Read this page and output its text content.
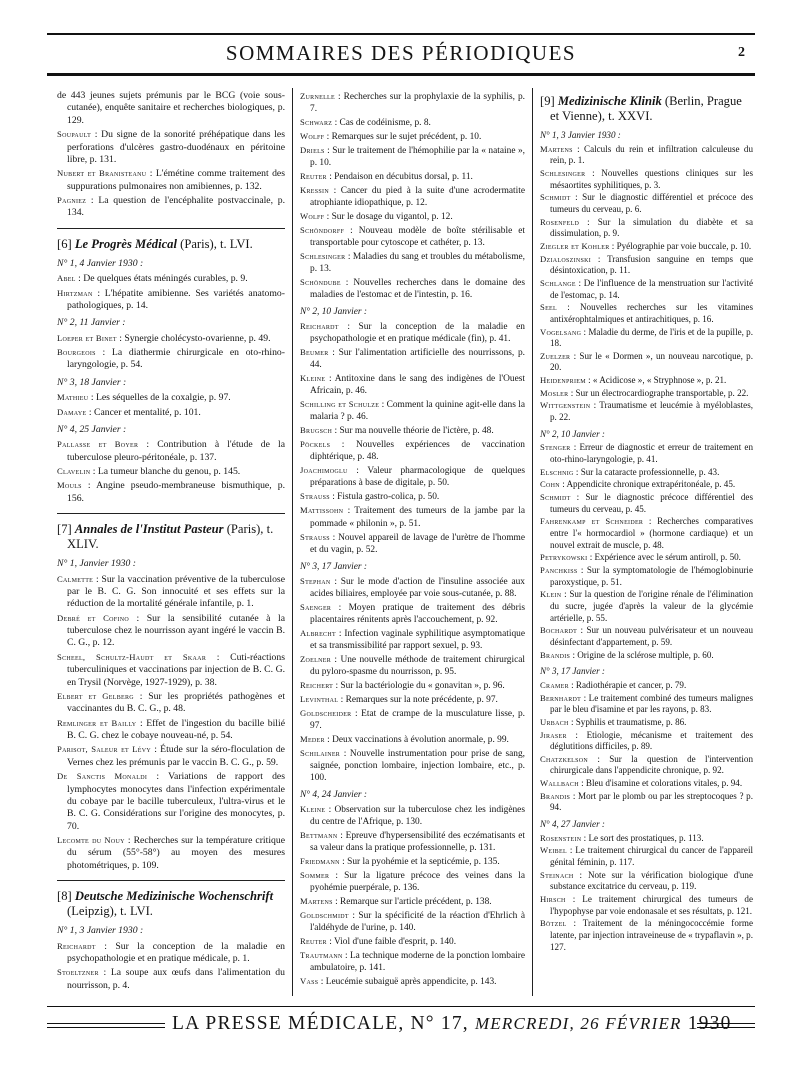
SOMMAIRES DES PÉRIODIQUES	2
de 443 jeunes sujets prémunis par le BCG (voie sous-cutanée), enquête sanitaire et recherches biologiques, p. 129.
Soupault : Du signe de la sonorité préhépatique dans les perforations d'ulcères gastro-duodénaux en péritoine libre, p. 131.
Nubert et Branisteanu : L'émétine comme traitement des suppurations pulmonaires non amibiennes, p. 132.
Pagniez : La question de l'encéphalite postvaccinale, p. 134.
[6] Le Progrès Médical (Paris), t. LVI.
N° 1, 4 Janvier 1930 :
Abel : De quelques états méningés curables, p. 9.
Hirtzman : L'hépatite amibienne. Ses variétés anatomo-pathologiques, p. 14.
N° 2, 11 Janvier :
Loeper et Binet : Synergie cholécysto-ovarienne, p. 49.
Bourgeois : La diathermie chirurgicale en oto-rhino-laryngologie, p. 54.
N° 3, 18 Janvier :
Mathieu : Les séquelles de la coxalgie, p. 97.
Damaye : Cancer et mentalité, p. 101.
N° 4, 25 Janvier :
Pallasse et Boyer : Contribution à l'étude de la tuberculose pleuro-péritonéale, p. 137.
Clavelin : La tumeur blanche du genou, p. 145.
Mouls : Angine pseudo-membraneuse bismuthique, p. 156.
[7] Annales de l'Institut Pasteur (Paris), t. XLIV.
N° 1, Janvier 1930 :
Calmette : Sur la vaccination préventive de la tuberculose par le B. C. G. Son innocuité et ses effets sur la réduction de la mortalité générale infantile, p. 1.
Debré et Cofino : Sur la sensibilité cutanée à la tuberculose chez le nourrisson ayant ingéré le vaccin B. C. G., p. 12.
Scheel, Schultz-Haudt et Skaar : Cuti-réactions tuberculiniques et vaccinations par injection de B. C. G. en Trysil (Norvège, 1927-1929), p. 38.
Elbert et Gelberg : Sur les propriétés pathogènes et vaccinantes du B. C. G., p. 48.
Remlinger et Bailly : Effet de l'ingestion du bacille bilié B. C. G. chez le cobaye nouveau-né, p. 54.
Parisot, Saleur et Lévy : Étude sur la séro-floculation de Vernes chez les prémunis par le vaccin B. C. G., p. 59.
De Sanctis Monaldi : Variations de rapport des lymphocytes monocytes dans l'infection expérimentale du cobaye par le bacille tuberculeux, l'ultra-virus et le B. C. G. Considérations sur l'origine des monocytes, p. 70.
Lecomte du Nouy : Recherches sur la température critique du sérum (55°-58°) au moyen des mesures photométriques, p. 109.
[8] Deutsche Medizinische Wochenschrift (Leipzig), t. LVI.
N° 1, 3 Janvier 1930 :
Reichardt : Sur la conception de la maladie en psychopathologie et en pratique médicale, p. 1.
Stoeltzner : La soupe aux œufs dans l'alimentation du nourrisson, p. 4.
Zurnelle : Recherches sur la prophylaxie de la syphilis, p. 7.
Schwarz : Cas de codéinisme, p. 8.
Wolff : Remarques sur le sujet précédent, p. 10.
Driels : Sur le traitement de l'hémophilie par la « nataine », p. 10.
Reuter : Pendaison en décubitus dorsal, p. 11.
Kressin : Cancer du pied à la suite d'une acrodermatite atrophiante idiopathique, p. 12.
Wolff : Sur le dosage du vigantol, p. 12.
Schöndorff : Nouveau modèle de boîte stérilisable et transportable pour cytoscope et cathéter, p. 13.
Schlesinger : Maladies du sang et troubles du métabolisme, p. 13.
Schöndube : Nouvelles recherches dans le domaine des maladies de l'estomac et de l'intestin, p. 16.
N° 2, 10 Janvier :
Reichardt : Sur la conception de la maladie en psychopathologie et en pratique médicale (fin), p. 41.
Beumer : Sur l'alimentation artificielle des nourrissons, p. 44.
Kleine : Antitoxine dans le sang des indigènes de l'Ouest Africain, p. 46.
Schilling et Schulze : Comment la quinine agit-elle dans la malaria ? p. 46.
Brugsch : Sur ma nouvelle théorie de l'ictère, p. 48.
Pöckels : Nouvelles expériences de vaccination diphtérique, p. 48.
Joachimoglu : Valeur pharmacologique de quelques préparations à base de digitale, p. 50.
Strauss : Fistula gastro-colica, p. 50.
Mattissohn : Traitement des tumeurs de la jambe par la pommade « philonin », p. 51.
Strauss : Nouvel appareil de lavage de l'urètre de l'homme et du vagin, p. 52.
N° 3, 17 Janvier :
Stephan : Sur le mode d'action de l'insuline associée aux acides biliaires, employée par voie sous-cutanée, p. 88.
Saenger : Moyen pratique de traitement des débris placentaires rénitents après l'accouchement, p. 92.
Albrecht : Infection vaginale syphilitique asymptomatique et sa transmissibilité par rapport sexuel, p. 93.
Zoelner : Une nouvelle méthode de traitement chirurgical du pyloro-spasme du nourrisson, p. 95.
Reichert : Sur la bactériologie du « gonavitan », p. 96.
Levinthal : Remarques sur la note précédente, p. 97.
Goldscheider : Etat de crampe de la musculature lisse, p. 97.
Meder : Deux vaccinations à évolution anormale, p. 99.
Schilainer : Nouvelle instrumentation pour prise de sang, saignée, ponction lombaire, injection lombaire, etc., p. 100.
N° 4, 24 Janvier :
Kleine : Observation sur la tuberculose chez les indigènes du centre de l'Afrique, p. 130.
Bettmann : Epreuve d'hypersensibilité des eczématisants et sa valeur dans la pratique professionnelle, p. 131.
Friedmann : Sur la pyohémie et la septicémie, p. 135.
Sommer : Sur la ligature précoce des veines dans la pyohémie puerpérale, p. 136.
Martens : Remarque sur l'article précédent, p. 138.
Goldschmidt : Sur la spécificité de la réaction d'Ehrlich à l'aldéhyde de l'urine, p. 140.
Reuter : Viol d'une faible d'esprit, p. 140.
Trautmann : La technique moderne de la ponction lombaire ambulatoire, p. 141.
Vass : Leucémie subaiguë après appendicite, p. 143.
[9] Medizinische Klinik (Berlin, Prague et Vienne), t. XXVI.
N° 1, 3 Janvier 1930 :
Martens : Calculs du rein et infiltration calculeuse du rein, p. 1.
Schlesinger : Nouvelles questions cliniques sur les mésaortites syphilitiques, p. 3.
Schmidt : Sur le diagnostic différentiel et précoce des tumeurs du cerveau, p. 6.
Rosenfeld : Sur la simulation du diabète et sa dissimulation, p. 9.
Ziegler et Kohler : Pyélographie par voie buccale, p. 10.
Dzialoszinski : Transfusion sanguine en temps que désintoxication, p. 11.
Schlange : De l'influence de la menstruation sur l'activité de l'estomac, p. 14.
Seel : Nouvelles recherches sur les vitamines antixérophtalmiques et antirachitiques, p. 16.
Vogelsang : Maladie du derme, de l'iris et de la pupille, p. 18.
Zuelzer : Sur le « Dormen », un nouveau narcotique, p. 20.
Heidenpriem : « Acidicose », « Stryphnose », p. 21.
Mosler : Sur un électrocardiographe transportable, p. 22.
Wittgenstein : Traumatisme et leucémie à myéloblastes, p. 22.
N° 2, 10 Janvier :
Stenger : Erreur de diagnostic et erreur de traitement en oto-rhino-laryngologie, p. 41.
Elschnig : Sur la cataracte professionnelle, p. 43.
Cohn : Appendicite chronique extrapéritonéale, p. 45.
Schmidt : Sur le diagnostic précoce différentiel des tumeurs du cerveau, p. 45.
Fahrenkamp et Schneider : Recherches comparatives entre l'« hormocardiol » (hormone cardiaque) et un nouvel extrait de muscle, p. 48.
Petrykowski : Expérience avec le sérum antiroll, p. 50.
Panchkiss : Sur la symptomatologie de l'hémoglobinurie paroxystique, p. 51.
Klein : Sur la question de l'origine rénale de l'élimination du sucre, jugée d'après la valeur de la glycémie artérielle, p. 55.
Bochardt : Sur un nouveau pulvérisateur et un nouveau désinfectant d'appartement, p. 59.
Brandis : Origine de la sclérose multiple, p. 60.
N° 3, 17 Janvier :
Cramer : Radiothérapie et cancer, p. 79.
Bernhardt : Le traitement combiné des tumeurs malignes par le bleu d'isamine et par les rayons, p. 83.
Urbach : Syphilis et traumatisme, p. 86.
Jiraser : Etiologie, mécanisme et traitement des déglutitions difficiles, p. 89.
Chatzkelson : Sur la question de l'intervention chirurgicale dans l'appendicite chronique, p. 92.
Wallbach : Bleu d'isamine et colorations vitales, p. 94.
Brandis : Mort par le plomb ou par les streptocoques ? p. 94.
N° 4, 27 Janvier :
Rosenstein : Le sort des prostatiques, p. 113.
Weibel : Le traitement chirurgical du cancer de l'appareil génital féminin, p. 117.
Steinach : Note sur la vérification biologique d'une substance excitatrice du cerveau, p. 119.
Hirsch : Le traitement chirurgical des tumeurs de l'hypophyse par voie endonasale et ses résultats, p. 121.
Bötzel : Traitement de la méningococcémie forme latente, par injection intraveineuse de « trypaflavin », p. 127.
LA PRESSE MÉDICALE, N° 17, MERCREDI, 26 FÉVRIER 1930
